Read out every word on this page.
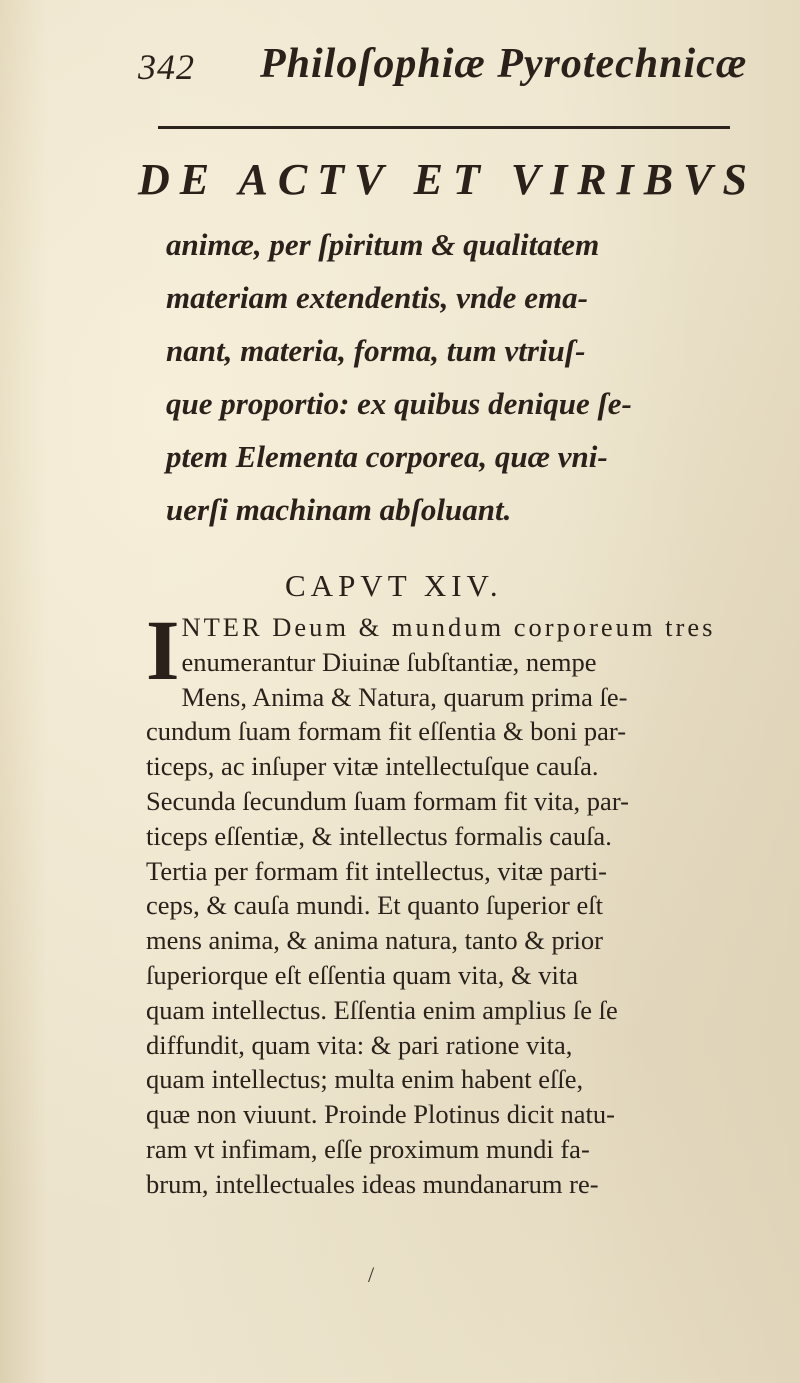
342 Philoſophiæ Pyrotechnicæ
DE ACTV ET VIRIBVS
animæ, per ſpiritum & qualitatem
materiam extendentis, vnde ema-
nant, materia, forma, tum vtriuſ-
que proportio: ex quibus denique ſe-
ptem Elementa corporea, quæ vni-
uerſi machinam abſoluant.
CAPVT XIV.
I NTER Deum & mundum corporeum tres
enumerantur Diuinæ ſubſtantiæ, nempe
Mens, Anima & Natura, quarum prima ſe-
cundum ſuam formam fit eſſentia & boni par-
ticeps, ac inſuper vitæ intellectuſque cauſa.
Secunda ſecundum ſuam formam fit vita, par-
ticeps eſſentiæ, & intellectus formalis cauſa.
Tertia per formam fit intellectus, vitæ parti-
ceps, & cauſa mundi. Et quanto ſuperior eſt
mens anima, & anima natura, tanto & prior
ſuperiorque eſt eſſentia quam vita, & vita
quam intellectus. Eſſentia enim amplius ſe ſe
diffundit, quam vita: & pari ratione vita,
quam intellectus; multa enim habent eſſe,
quæ non viuunt. Proinde Plotinus dicit natu-
ram vt infimam, eſſe proximum mundi fa-
brum, intellectuales ideas mundanarum re-
/
